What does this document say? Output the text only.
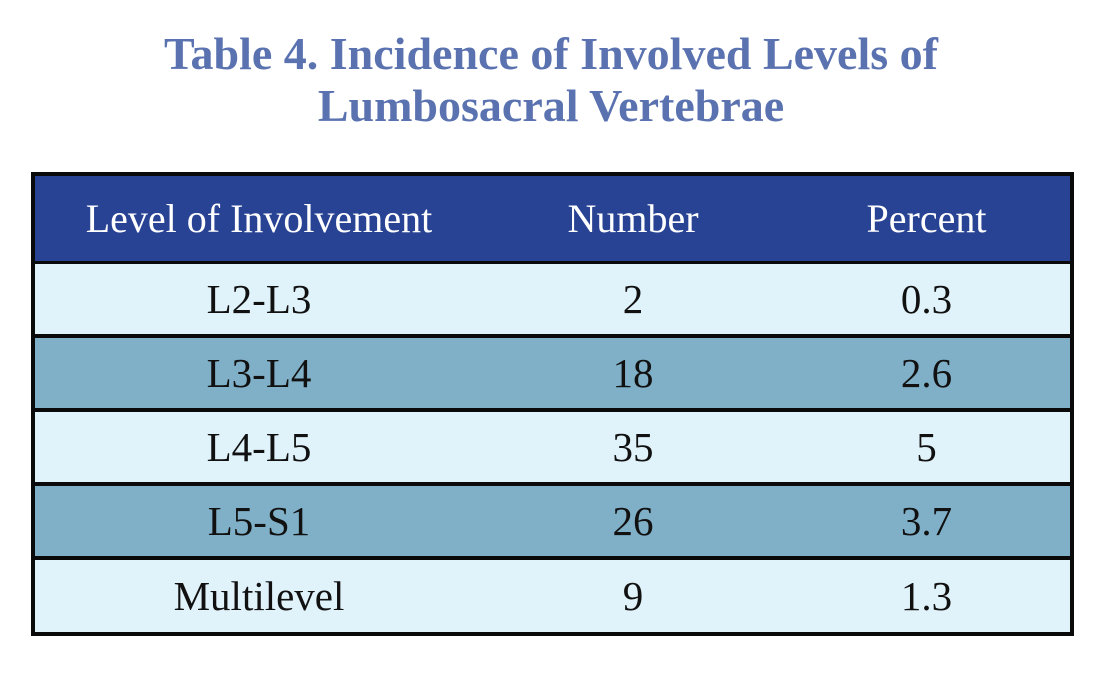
Table 4. Incidence of Involved Levels of
Lumbosacral Vertebrae
Level of Involvement	Number	Percent
L2-L3	2	0.3
L3-L4	18	2.6
L4-L5	35	5
L5-S1	26	3.7
Multilevel	9	1.3
